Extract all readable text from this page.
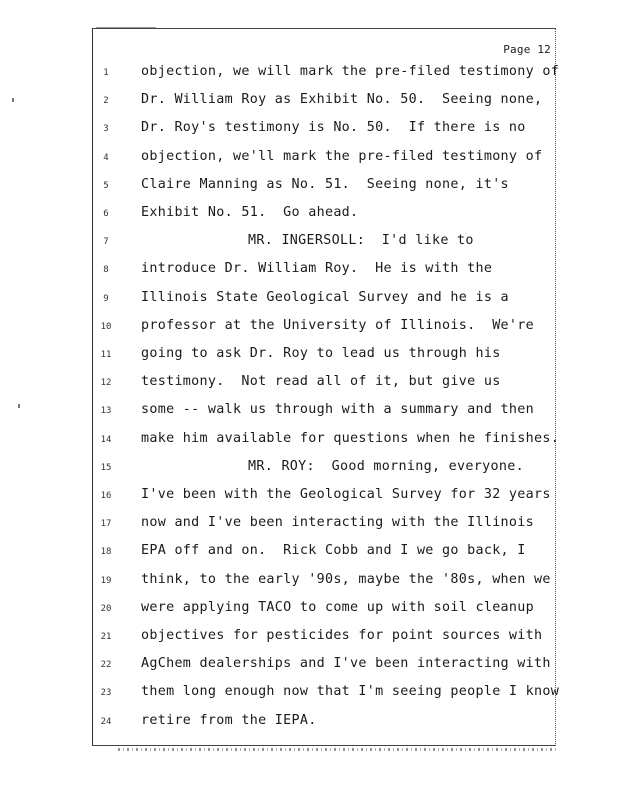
Page 12
1	objection, we will mark the pre-filed testimony of
2	Dr. William Roy as Exhibit No. 50.  Seeing none,
3	Dr. Roy's testimony is No. 50.  If there is no
4	objection, we'll mark the pre-filed testimony of
5	Claire Manning as No. 51.  Seeing none, it's
6	Exhibit No. 51.  Go ahead.
7	MR. INGERSOLL:  I'd like to
8	introduce Dr. William Roy.  He is with the
9	Illinois State Geological Survey and he is a
10	professor at the University of Illinois.  We're
11	going to ask Dr. Roy to lead us through his
12	testimony.  Not read all of it, but give us
13	some -- walk us through with a summary and then
14	make him available for questions when he finishes.
15	MR. ROY:  Good morning, everyone.
16	I've been with the Geological Survey for 32 years
17	now and I've been interacting with the Illinois
18	EPA off and on.  Rick Cobb and I we go back, I
19	think, to the early '90s, maybe the '80s, when we
20	were applying TACO to come up with soil cleanup
21	objectives for pesticides for point sources with
22	AgChem dealerships and I've been interacting with
23	them long enough now that I'm seeing people I know
24	retire from the IEPA.
